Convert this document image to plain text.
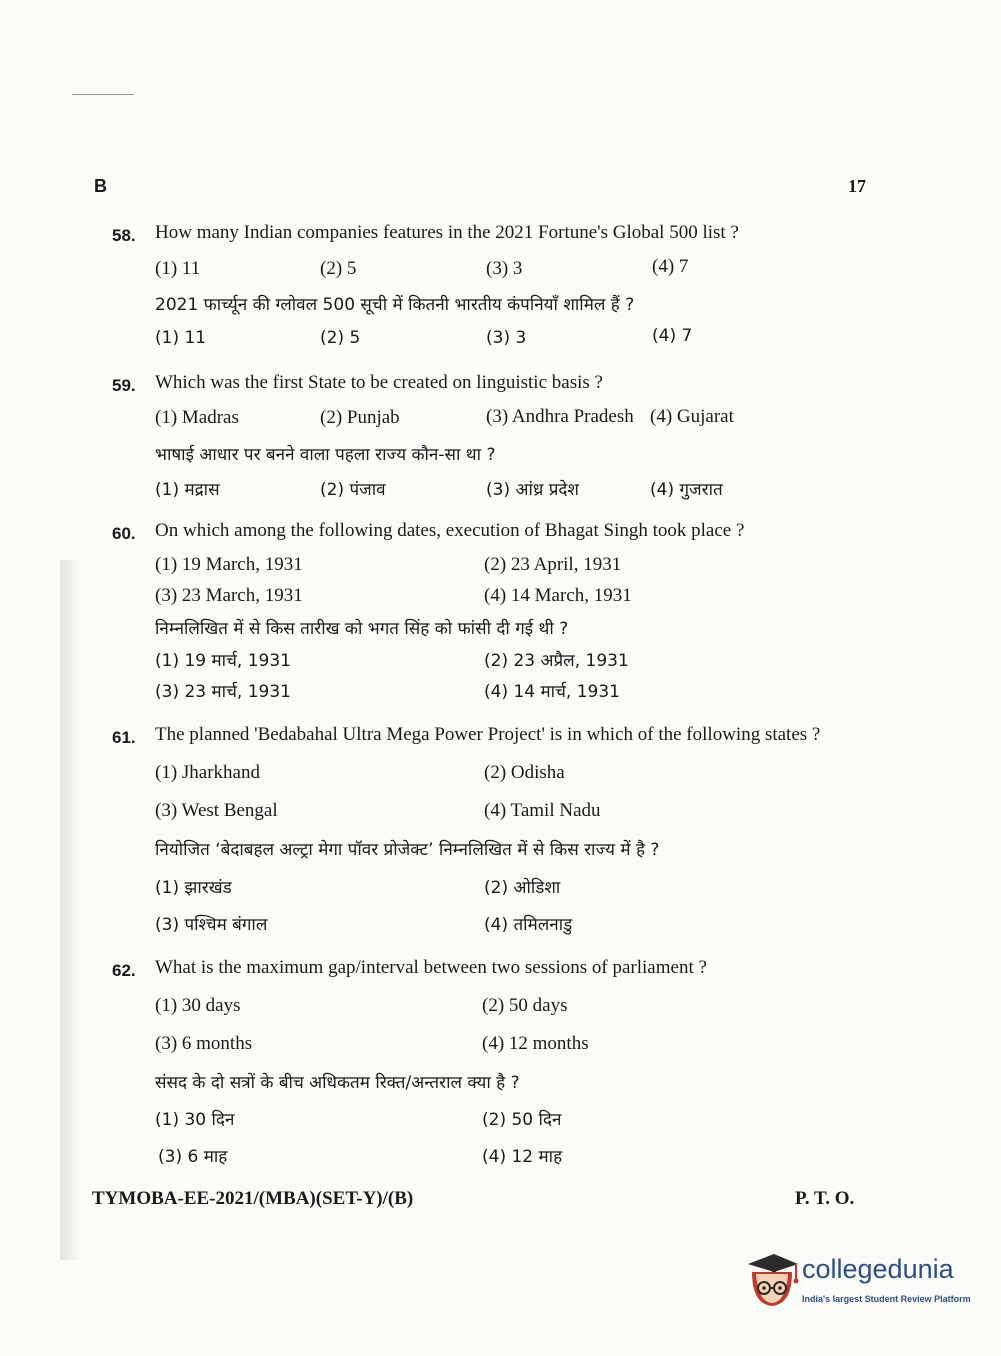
B	17
58. How many Indian companies features in the 2021 Fortune's Global 500 list ?
(1) 11	(2) 5	(3) 3	(4) 7
2021 फार्च्यून की ग्लोवल 500 सूची में कितनी भारतीय कंपनियाँ शामिल हैं ?
(1) 11	(2) 5	(3) 3	(4) 7
59. Which was the first State to be created on linguistic basis ?
(1) Madras	(2) Punjab	(3) Andhra Pradesh (4) Gujarat
भाषाई आधार पर बनने वाला पहला राज्य कौन-सा था ?
(1) मद्रास	(2) पंजाव	(3) आंध्र प्रदेश	(4) गुजरात
60. On which among the following dates, execution of Bhagat Singh took place ?
(1) 19 March, 1931	(2) 23 April, 1931
(3) 23 March, 1931	(4) 14 March, 1931
निम्नलिखित में से किस तारीख को भगत सिंह को फांसी दी गई थी ?
(1) 19 मार्च, 1931	(2) 23 अप्रैल, 1931
(3) 23 मार्च, 1931	(4) 14 मार्च, 1931
61. The planned 'Bedabahal Ultra Mega Power Project' is in which of the following states ?
(1) Jharkhand	(2) Odisha
(3) West Bengal	(4) Tamil Nadu
नियोजित ‘बेदाबहल अल्ट्रा मेगा पॉवर प्रोजेक्ट’ निम्नलिखित में से किस राज्य में है ?
(1) झारखंड	(2) ओडिशा
(3) पश्चिम बंगाल	(4) तमिलनाडु
62. What is the maximum gap/interval between two sessions of parliament ?
(1) 30 days	(2) 50 days
(3) 6 months	(4) 12 months
संसद के दो सत्रों के बीच अधिकतम रिक्त/अन्तराल क्या है ?
(1) 30 दिन	(2) 50 दिन
(3) 6 माह	(4) 12 माह
TYMOBA-EE-2021/(MBA)(SET-Y)/(B)	P. T. O.
collegedunia
India's largest Student Review Platform
